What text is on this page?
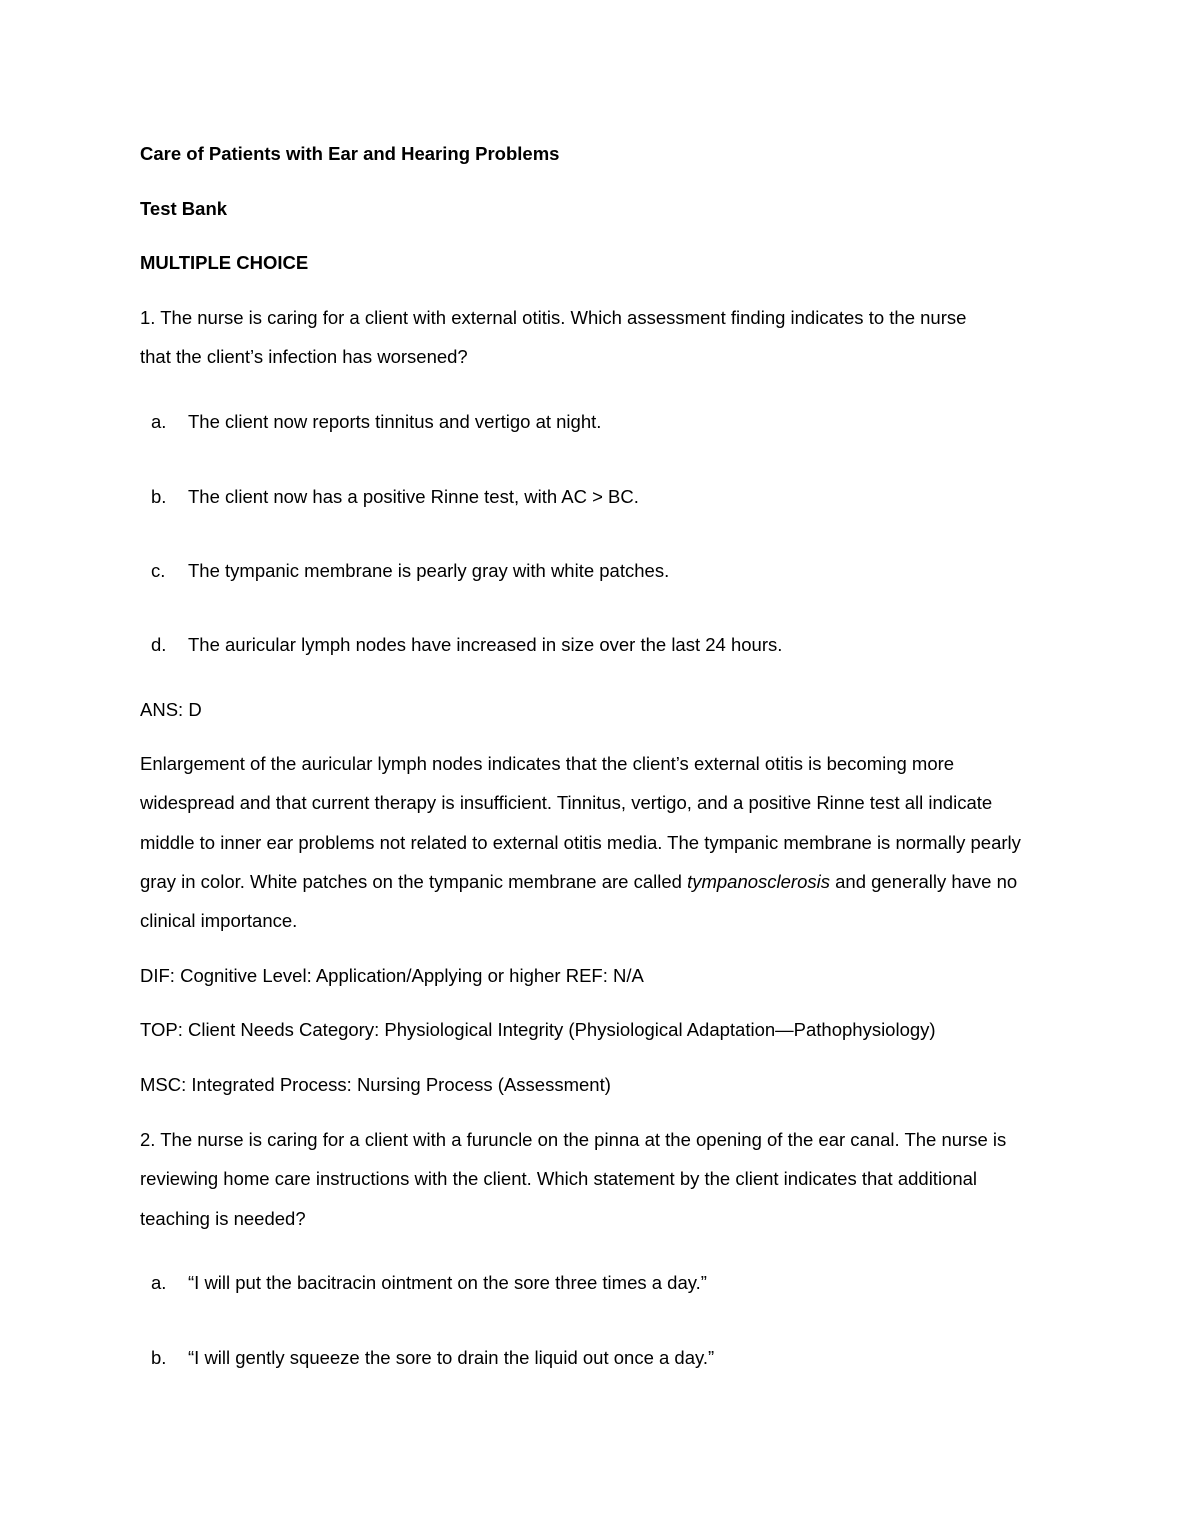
Care of Patients with Ear and Hearing Problems
Test Bank
MULTIPLE CHOICE
1. The nurse is caring for a client with external otitis. Which assessment finding indicates to the nurse
that the client’s infection has worsened?
a. The client now reports tinnitus and vertigo at night.
b. The client now has a positive Rinne test, with AC > BC.
c. The tympanic membrane is pearly gray with white patches.
d. The auricular lymph nodes have increased in size over the last 24 hours.
ANS: D
Enlargement of the auricular lymph nodes indicates that the client’s external otitis is becoming more widespread and that current therapy is insufficient. Tinnitus, vertigo, and a positive Rinne test all indicate middle to inner ear problems not related to external otitis media. The tympanic membrane is normally pearly gray in color. White patches on the tympanic membrane are called tympanosclerosis and generally have no clinical importance.
DIF: Cognitive Level: Application/Applying or higher REF: N/A
TOP: Client Needs Category: Physiological Integrity (Physiological Adaptation—Pathophysiology)
MSC: Integrated Process: Nursing Process (Assessment)
2. The nurse is caring for a client with a furuncle on the pinna at the opening of the ear canal. The nurse is reviewing home care instructions with the client. Which statement by the client indicates that additional teaching is needed?
a. “I will put the bacitracin ointment on the sore three times a day.”
b. “I will gently squeeze the sore to drain the liquid out once a day.”
